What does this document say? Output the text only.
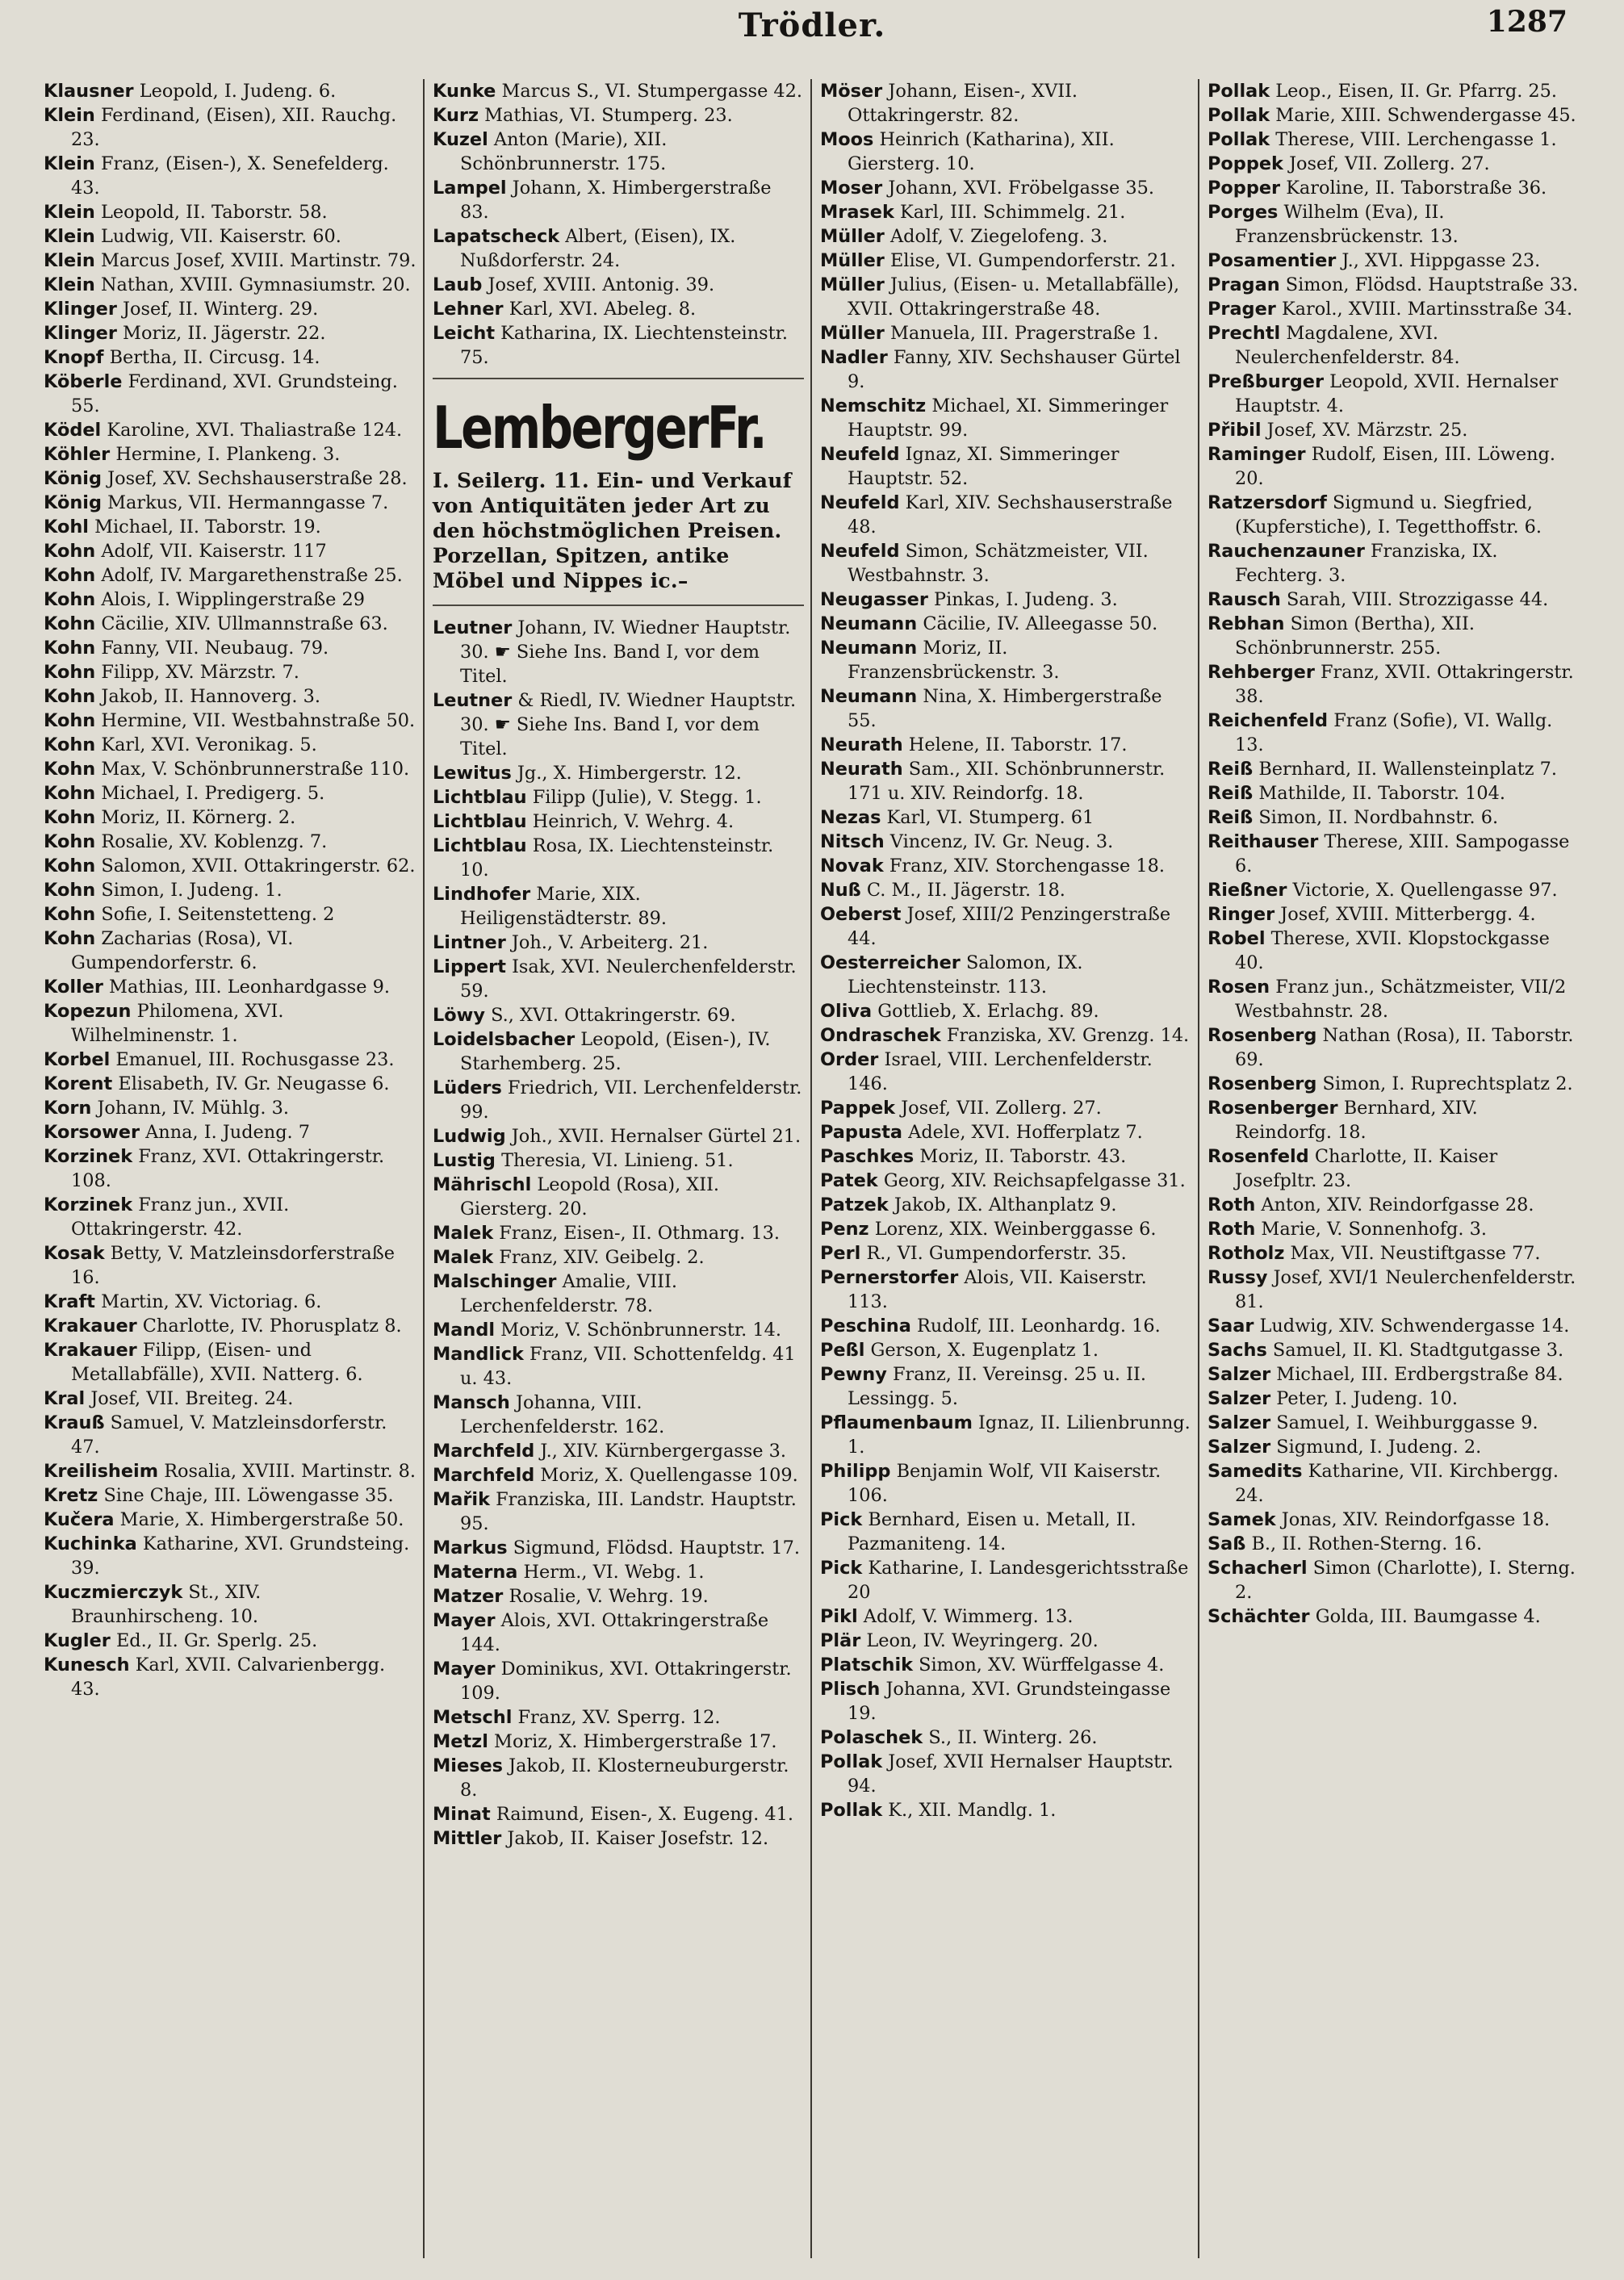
Trödler.	1287

Klausner Leopold, I. Judeng. 6.

Klein Ferdinand, (Eisen), XII. Rauchg. 23.

Klein Franz, (Eisen-), X. Senefelderg. 43.

Klein Leopold, II. Taborstr. 58.

Klein Ludwig, VII. Kaiserstr. 60.

Klein Marcus Josef, XVIII. Martinstr. 79.

Klein Nathan, XVIII. Gymnasiumstr. 20.

Klinger Josef, II. Winterg. 29.

Klinger Moriz, II. Jägerstr. 22.

Knopf Bertha, II. Circusg. 14.

Köberle Ferdinand, XVI. Grundsteing. 55.

Ködel Karoline, XVI. Thaliastraße 124.

Köhler Hermine, I. Plankeng. 3.

König Josef, XV. Sechshauserstraße 28.

König Markus, VII. Hermanngasse 7.

Kohl Michael, II. Taborstr. 19.

Kohn Adolf, VII. Kaiserstr. 117

Kohn Adolf, IV. Margarethenstraße 25.

Kohn Alois, I. Wipplingerstraße 29

Kohn Cäcilie, XIV. Ullmannstraße 63.

Kohn Fanny, VII. Neubaug. 79.

Kohn Filipp, XV. Märzstr. 7.

Kohn Jakob, II. Hannoverg. 3.

Kohn Hermine, VII. Westbahnstraße 50.

Kohn Karl, XVI. Veronikag. 5.

Kohn Max, V. Schönbrunnerstraße 110.

Kohn Michael, I. Predigerg. 5.

Kohn Moriz, II. Körnerg. 2.

Kohn Rosalie, XV. Koblenzg. 7.

Kohn Salomon, XVII. Ottakringerstr. 62.

Kohn Simon, I. Judeng. 1.

Kohn Sofie, I. Seitenstetteng. 2

Kohn Zacharias (Rosa), VI. Gumpendorferstr. 6.

Koller Mathias, III. Leonhardgasse 9.

Kopezun Philomena, XVI. Wilhelminenstr. 1.

Korbel Emanuel, III. Rochusgasse 23.

Korent Elisabeth, IV. Gr. Neugasse 6.

Korn Johann, IV. Mühlg. 3.

Korsower Anna, I. Judeng. 7

Korzinek Franz, XVI. Ottakringerstr. 108.

Korzinek Franz jun., XVII. Ottakringerstr. 42.

Kosak Betty, V. Matzleinsdorferstraße 16.

Kraft Martin, XV. Victoriag. 6.

Krakauer Charlotte, IV. Phorusplatz 8.

Krakauer Filipp, (Eisen- und Metallabfälle), XVII. Natterg. 6.

Kral Josef, VII. Breiteg. 24.

Krauß Samuel, V. Matzleinsdorferstr. 47.

Kreilisheim Rosalia, XVIII. Martinstr. 8.

Kretz Sine Chaje, III. Löwengasse 35.

Kučera Marie, X. Himbergerstraße 50.

Kuchinka Katharine, XVI. Grundsteing. 39.

Kuczmierczyk St., XIV. Braunhirscheng. 10.

Kugler Ed., II. Gr. Sperlg. 25.

Kunesch Karl, XVII. Calvarienbergg. 43.

Kunke Marcus S., VI. Stumpergasse 42.

Kurz Mathias, VI. Stumperg. 23.

Kuzel Anton (Marie), XII. Schönbrunnerstr. 175.

Lampel Johann, X. Himbergerstraße 83.

Lapatscheck Albert, (Eisen), IX. Nußdorferstr. 24.

Laub Josef, XVIII. Antonig. 39.

Lehner Karl, XVI. Abeleg. 8.

Leicht Katharina, IX. Liechtensteinstr. 75.

LembergerFr.
I. Seilerg. 11. Ein- und Verkauf von Antiquitäten jeder Art zu den höchstmöglichen Preisen. Porzellan, Spitzen, antike Möbel und Nippes ic.–

Leutner Johann, IV. Wiedner Hauptstr. 30. ☛ Siehe Ins. Band I, vor dem Titel.

Leutner & Riedl, IV. Wiedner Hauptstr. 30. ☛ Siehe Ins. Band I, vor dem Titel.

Lewitus Jg., X. Himbergerstr. 12.

Lichtblau Filipp (Julie), V. Stegg. 1.

Lichtblau Heinrich, V. Wehrg. 4.

Lichtblau Rosa, IX. Liechtensteinstr. 10.

Lindhofer Marie, XIX. Heiligenstädterstr. 89.

Lintner Joh., V. Arbeiterg. 21.

Lippert Isak, XVI. Neulerchenfelderstr. 59.

Löwy S., XVI. Ottakringerstr. 69.

Loidelsbacher Leopold, (Eisen-), IV. Starhemberg. 25.

Lüders Friedrich, VII. Lerchenfelderstr. 99.

Ludwig Joh., XVII. Hernalser Gürtel 21.

Lustig Theresia, VI. Linieng. 51.

Mährischl Leopold (Rosa), XII. Giersterg. 20.

Malek Franz, Eisen-, II. Othmarg. 13.

Malek Franz, XIV. Geibelg. 2.

Malschinger Amalie, VIII. Lerchenfelderstr. 78.

Mandl Moriz, V. Schönbrunnerstr. 14.

Mandlick Franz, VII. Schottenfeldg. 41 u. 43.

Mansch Johanna, VIII. Lerchenfelderstr. 162.

Marchfeld J., XIV. Kürnbergergasse 3.

Marchfeld Moriz, X. Quellengasse 109.

Mařik Franziska, III. Landstr. Hauptstr. 95.

Markus Sigmund, Flödsd. Hauptstr. 17.

Materna Herm., VI. Webg. 1.

Matzer Rosalie, V. Wehrg. 19.

Mayer Alois, XVI. Ottakringerstraße 144.

Mayer Dominikus, XVI. Ottakringerstr. 109.

Metschl Franz, XV. Sperrg. 12.

Metzl Moriz, X. Himbergerstraße 17.

Mieses Jakob, II. Klosterneuburgerstr. 8.

Minat Raimund, Eisen-, X. Eugeng. 41.

Mittler Jakob, II. Kaiser Josefstr. 12.

Möser Johann, Eisen-, XVII. Ottakringerstr. 82.

Moos Heinrich (Katharina), XII. Giersterg. 10.

Moser Johann, XVI. Fröbelgasse 35.

Mrasek Karl, III. Schimmelg. 21.

Müller Adolf, V. Ziegelofeng. 3.

Müller Elise, VI. Gumpendorferstr. 21.

Müller Julius, (Eisen- u. Metallabfälle), XVII. Ottakringerstraße 48.

Müller Manuela, III. Pragerstraße 1.

Nadler Fanny, XIV. Sechshauser Gürtel 9.

Nemschitz Michael, XI. Simmeringer Hauptstr. 99.

Neufeld Ignaz, XI. Simmeringer Hauptstr. 52.

Neufeld Karl, XIV. Sechshauserstraße 48.

Neufeld Simon, Schätzmeister, VII. Westbahnstr. 3.

Neugasser Pinkas, I. Judeng. 3.

Neumann Cäcilie, IV. Alleegasse 50.

Neumann Moriz, II. Franzensbrückenstr. 3.

Neumann Nina, X. Himbergerstraße 55.

Neurath Helene, II. Taborstr. 17.

Neurath Sam., XII. Schönbrunnerstr. 171 u. XIV. Reindorfg. 18.

Nezas Karl, VI. Stumperg. 61

Nitsch Vincenz, IV. Gr. Neug. 3.

Novak Franz, XIV. Storchengasse 18.

Nuß C. M., II. Jägerstr. 18.

Oeberst Josef, XIII/2 Penzingerstraße 44.

Oesterreicher Salomon, IX. Liechtensteinstr. 113.

Oliva Gottlieb, X. Erlachg. 89.

Ondraschek Franziska, XV. Grenzg. 14.

Order Israel, VIII. Lerchenfelderstr. 146.

Pappek Josef, VII. Zollerg. 27.

Papusta Adele, XVI. Hofferplatz 7.

Paschkes Moriz, II. Taborstr. 43.

Patek Georg, XIV. Reichsapfelgasse 31.

Patzek Jakob, IX. Althanplatz 9.

Penz Lorenz, XIX. Weinberggasse 6.

Perl R., VI. Gumpendorferstr. 35.

Pernerstorfer Alois, VII. Kaiserstr. 113.

Peschina Rudolf, III. Leonhardg. 16.

Peßl Gerson, X. Eugenplatz 1.

Pewny Franz, II. Vereinsg. 25 u. II. Lessingg. 5.

Pflaumenbaum Ignaz, II. Lilienbrunng. 1.

Philipp Benjamin Wolf, VII Kaiserstr. 106.

Pick Bernhard, Eisen u. Metall, II. Pazmaniteng. 14.

Pick Katharine, I. Landesgerichtsstraße 20

Pikl Adolf, V. Wimmerg. 13.

Plär Leon, IV. Weyringerg. 20.

Platschik Simon, XV. Würffelgasse 4.

Plisch Johanna, XVI. Grundsteingasse 19.

Polaschek S., II. Winterg. 26.

Pollak Josef, XVII Hernalser Hauptstr. 94.

Pollak K., XII. Mandlg. 1.

Pollak Leop., Eisen, II. Gr. Pfarrg. 25.

Pollak Marie, XIII. Schwendergasse 45.

Pollak Therese, VIII. Lerchengasse 1.

Poppek Josef, VII. Zollerg. 27.

Popper Karoline, II. Taborstraße 36.

Porges Wilhelm (Eva), II. Franzensbrückenstr. 13.

Posamentier J., XVI. Hippgasse 23.

Pragan Simon, Flödsd. Hauptstraße 33.

Prager Karol., XVIII. Martinsstraße 34.

Prechtl Magdalene, XVI. Neulerchenfelderstr. 84.

Preßburger Leopold, XVII. Hernalser Hauptstr. 4.

Přibil Josef, XV. Märzstr. 25.

Raminger Rudolf, Eisen, III. Löweng. 20.

Ratzersdorf Sigmund u. Siegfried, (Kupferstiche), I. Tegetthoffstr. 6.

Rauchenzauner Franziska, IX. Fechterg. 3.

Rausch Sarah, VIII. Strozzigasse 44.

Rebhan Simon (Bertha), XII. Schönbrunnerstr. 255.

Rehberger Franz, XVII. Ottakringerstr. 38.

Reichenfeld Franz (Sofie), VI. Wallg. 13.

Reiß Bernhard, II. Wallensteinplatz 7.

Reiß Mathilde, II. Taborstr. 104.

Reiß Simon, II. Nordbahnstr. 6.

Reithauser Therese, XIII. Sampogasse 6.

Rießner Victorie, X. Quellengasse 97.

Ringer Josef, XVIII. Mitterbergg. 4.

Robel Therese, XVII. Klopstockgasse 40.

Rosen Franz jun., Schätzmeister, VII/2 Westbahnstr. 28.

Rosenberg Nathan (Rosa), II. Taborstr. 69.

Rosenberg Simon, I. Ruprechtsplatz 2.

Rosenberger Bernhard, XIV. Reindorfg. 18.

Rosenfeld Charlotte, II. Kaiser Josefpltr. 23.

Roth Anton, XIV. Reindorfgasse 28.

Roth Marie, V. Sonnenhofg. 3.

Rotholz Max, VII. Neustiftgasse 77.

Russy Josef, XVI/1 Neulerchenfelderstr. 81.

Saar Ludwig, XIV. Schwendergasse 14.

Sachs Samuel, II. Kl. Stadtgutgasse 3.

Salzer Michael, III. Erdbergstraße 84.

Salzer Peter, I. Judeng. 10.

Salzer Samuel, I. Weihburggasse 9.

Salzer Sigmund, I. Judeng. 2.

Samedits Katharine, VII. Kirchbergg. 24.

Samek Jonas, XIV. Reindorfgasse 18.

Saß B., II. Rothen-Sterng. 16.

Schacherl Simon (Charlotte), I. Sterng. 2.

Schächter Golda, III. Baumgasse 4.
